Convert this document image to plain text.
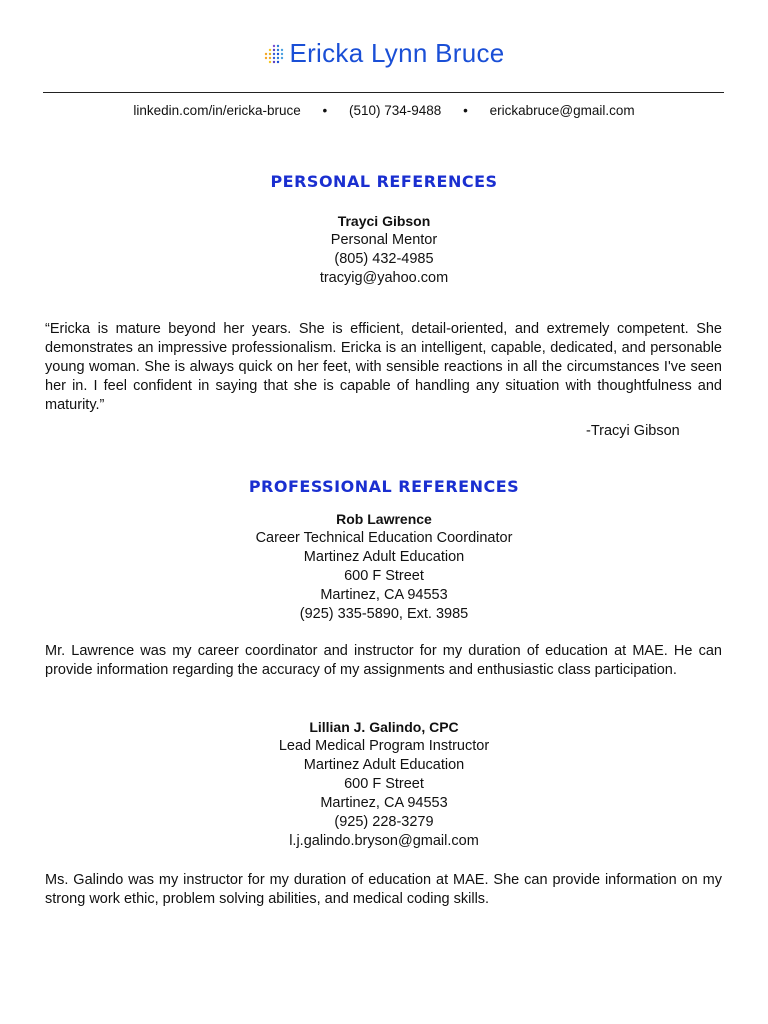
Ericka Lynn Bruce
linkedin.com/in/ericka-bruce • (510) 734-9488 • erickabruce@gmail.com
PERSONAL REFERENCES
Trayci Gibson
Personal Mentor
(805) 432-4985
tracyig@yahoo.com
“Ericka is mature beyond her years. She is efficient, detail-oriented, and extremely competent. She demonstrates an impressive professionalism. Ericka is an intelligent, capable, dedicated, and personable young woman. She is always quick on her feet, with sensible reactions in all the circumstances I've seen her in. I feel confident in saying that she is capable of handling any situation with thoughtfulness and maturity.”
-Tracyi Gibson
PROFESSIONAL REFERENCES
Rob Lawrence
Career Technical Education Coordinator
Martinez Adult Education
600 F Street
Martinez, CA 94553
(925) 335-5890, Ext. 3985
Mr. Lawrence was my career coordinator and instructor for my duration of education at MAE. He can provide information regarding the accuracy of my assignments and enthusiastic class participation.
Lillian J. Galindo, CPC
Lead Medical Program Instructor
Martinez Adult Education
600 F Street
Martinez, CA 94553
(925) 228-3279
l.j.galindo.bryson@gmail.com
Ms. Galindo was my instructor for my duration of education at MAE. She can provide information on my strong work ethic, problem solving abilities, and medical coding skills.
